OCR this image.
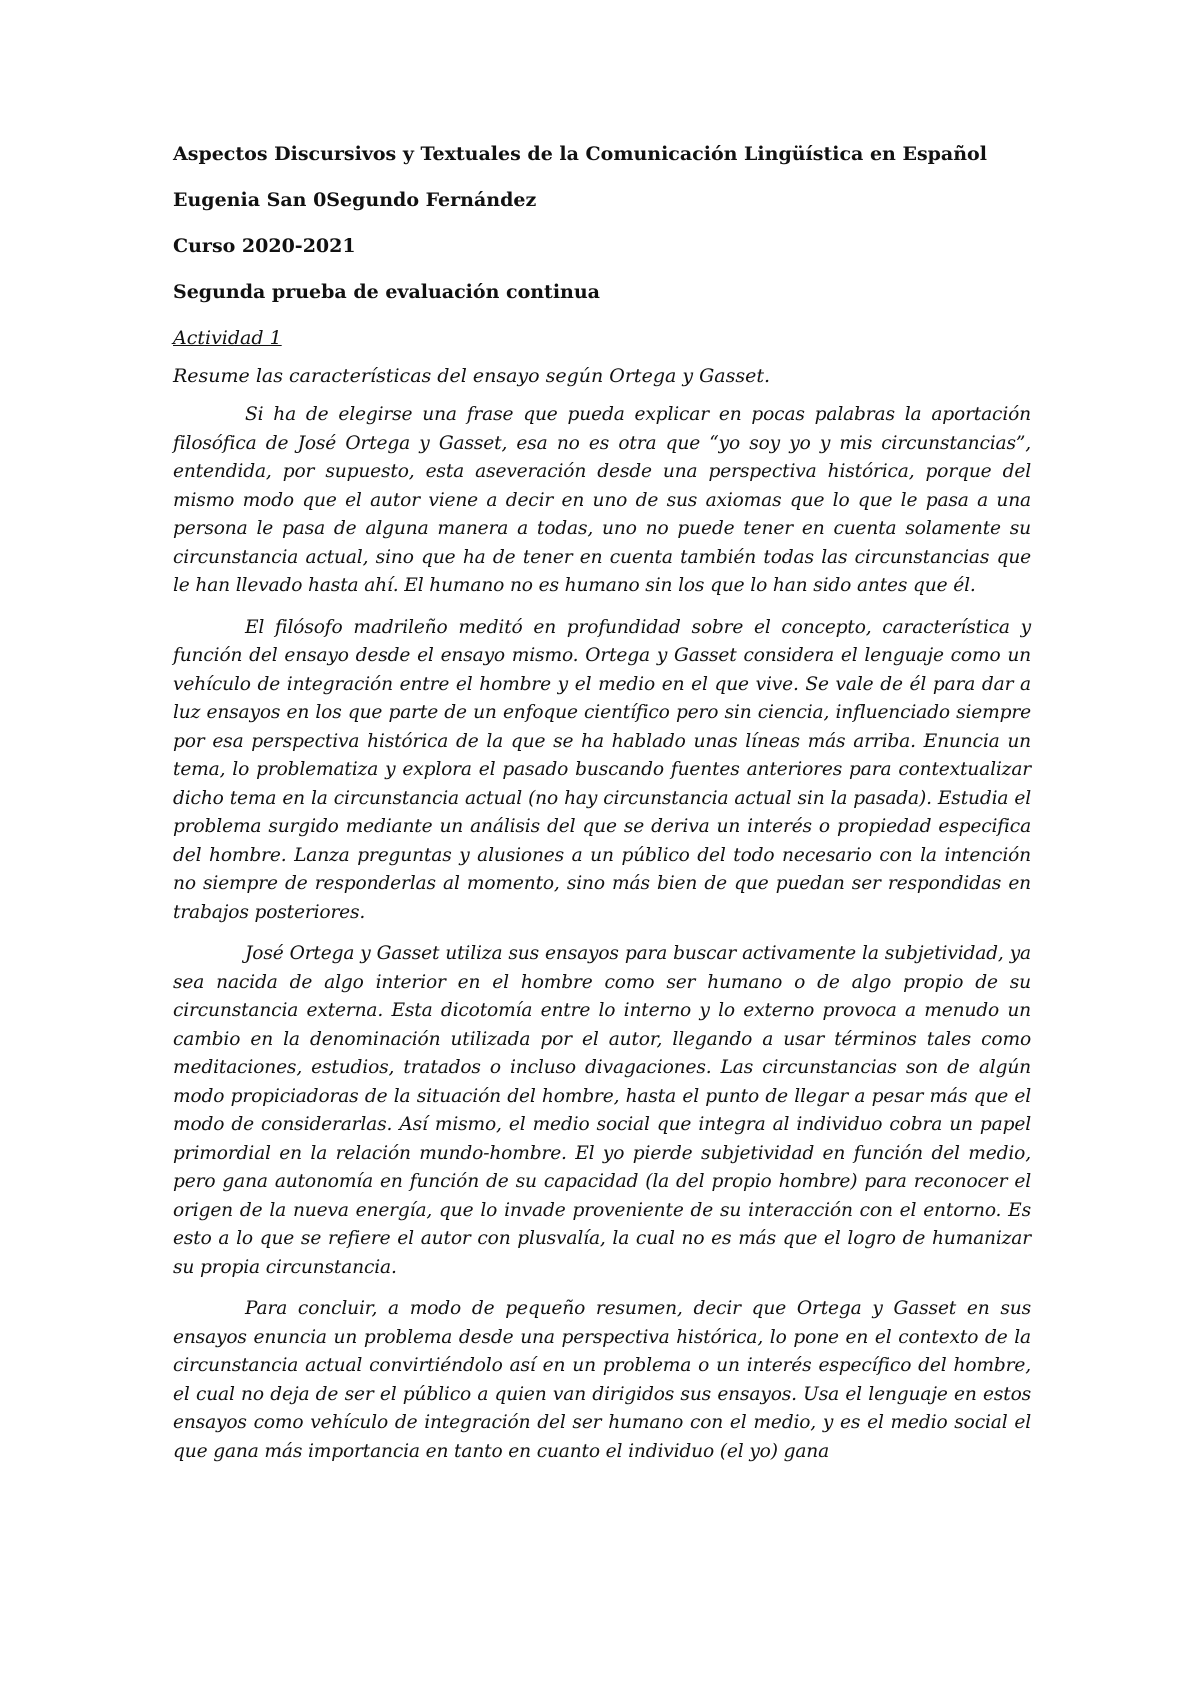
Aspectos Discursivos y Textuales de la Comunicación Lingüística en Español

Eugenia San 0Segundo Fernández

Curso 2020-2021

Segunda prueba de evaluación continua

Actividad 1

Resume las características del ensayo según Ortega y Gasset.

Si ha de elegirse una frase que pueda explicar en pocas palabras la aportación filosófica de José Ortega y Gasset, esa no es otra que “yo soy yo y mis circunstancias”, entendida, por supuesto, esta aseveración desde una perspectiva histórica, porque del mismo modo que el autor viene a decir en uno de sus axiomas que lo que le pasa a una persona le pasa de alguna manera a todas, uno no puede tener en cuenta solamente su circunstancia actual, sino que ha de tener en cuenta también todas las circunstancias que le han llevado hasta ahí. El humano no es humano sin los que lo han sido antes que él.

El filósofo madrileño meditó en profundidad sobre el concepto, característica y función del ensayo desde el ensayo mismo. Ortega y Gasset considera el lenguaje como un vehículo de integración entre el hombre y el medio en el que vive. Se vale de él para dar a luz ensayos en los que parte de un enfoque científico pero sin ciencia, influenciado siempre por esa perspectiva histórica de la que se ha hablado unas líneas más arriba. Enuncia un tema, lo problematiza y explora el pasado buscando fuentes anteriores para contextualizar dicho tema en la circunstancia actual (no hay circunstancia actual sin la pasada). Estudia el problema surgido mediante un análisis del que se deriva un interés o propiedad especifica del hombre. Lanza preguntas y alusiones a un público del todo necesario con la intención no siempre de responderlas al momento, sino más bien de que puedan ser respondidas en trabajos posteriores.

José Ortega y Gasset utiliza sus ensayos para buscar activamente la subjetividad, ya sea nacida de algo interior en el hombre como ser humano o de algo propio de su circunstancia externa. Esta dicotomía entre lo interno y lo externo provoca a menudo un cambio en la denominación utilizada por el autor, llegando a usar términos tales como meditaciones, estudios, tratados o incluso divagaciones. Las circunstancias son de algún modo propiciadoras de la situación del hombre, hasta el punto de llegar a pesar más que el modo de considerarlas. Así mismo, el medio social que integra al individuo cobra un papel primordial en la relación mundo-hombre. El yo pierde subjetividad en función del medio, pero gana autonomía en función de su capacidad (la del propio hombre) para reconocer el origen de la nueva energía, que lo invade proveniente de su interacción con el entorno. Es esto a lo que se refiere el autor con plusvalía, la cual no es más que el logro de humanizar su propia circunstancia.

Para concluir, a modo de pequeño resumen, decir que Ortega y Gasset en sus ensayos enuncia un problema desde una perspectiva histórica, lo pone en el contexto de la circunstancia actual convirtiéndolo así en un problema o un interés específico del hombre, el cual no deja de ser el público a quien van dirigidos sus ensayos. Usa el lenguaje en estos ensayos como vehículo de integración del ser humano con el medio, y es el medio social el que gana más importancia en tanto en cuanto el individuo (el yo) gana
